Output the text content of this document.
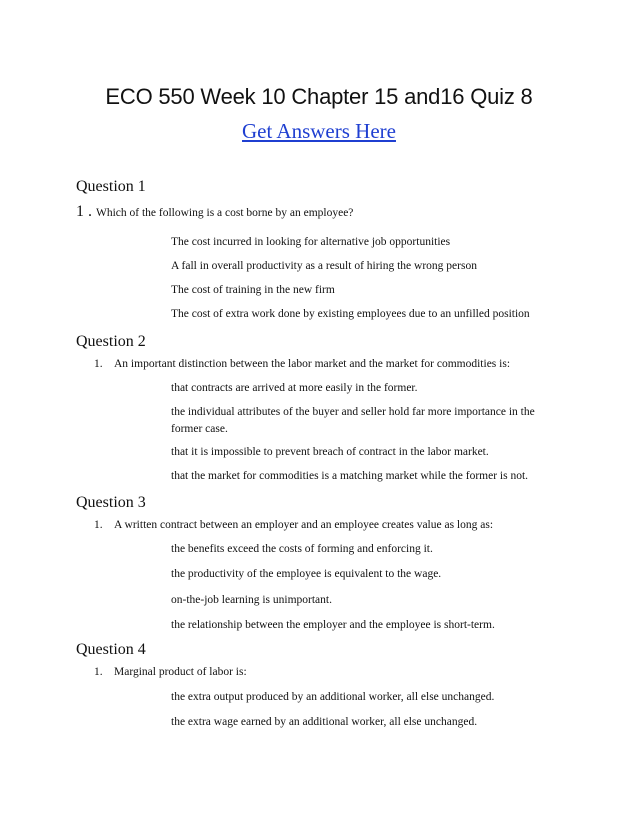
ECO 550 Week 10 Chapter 15 and16 Quiz 8
Get Answers Here
Question 1
1 . Which of the following is a cost borne by an employee?
The cost incurred in looking for alternative job opportunities
A fall in overall productivity as a result of hiring the wrong person
The cost of training in the new firm
The cost of extra work done by existing employees due to an unfilled position
Question 2
1. An important distinction between the labor market and the market for commodities is:
that contracts are arrived at more easily in the former.
the individual attributes of the buyer and seller hold far more importance in the former case.
that it is impossible to prevent breach of contract in the labor market.
that the market for commodities is a matching market while the former is not.
Question 3
1. A written contract between an employer and an employee creates value as long as:
the benefits exceed the costs of forming and enforcing it.
the productivity of the employee is equivalent to the wage.
on-the-job learning is unimportant.
the relationship between the employer and the employee is short-term.
Question 4
1. Marginal product of labor is:
the extra output produced by an additional worker, all else unchanged.
the extra wage earned by an additional worker, all else unchanged.
